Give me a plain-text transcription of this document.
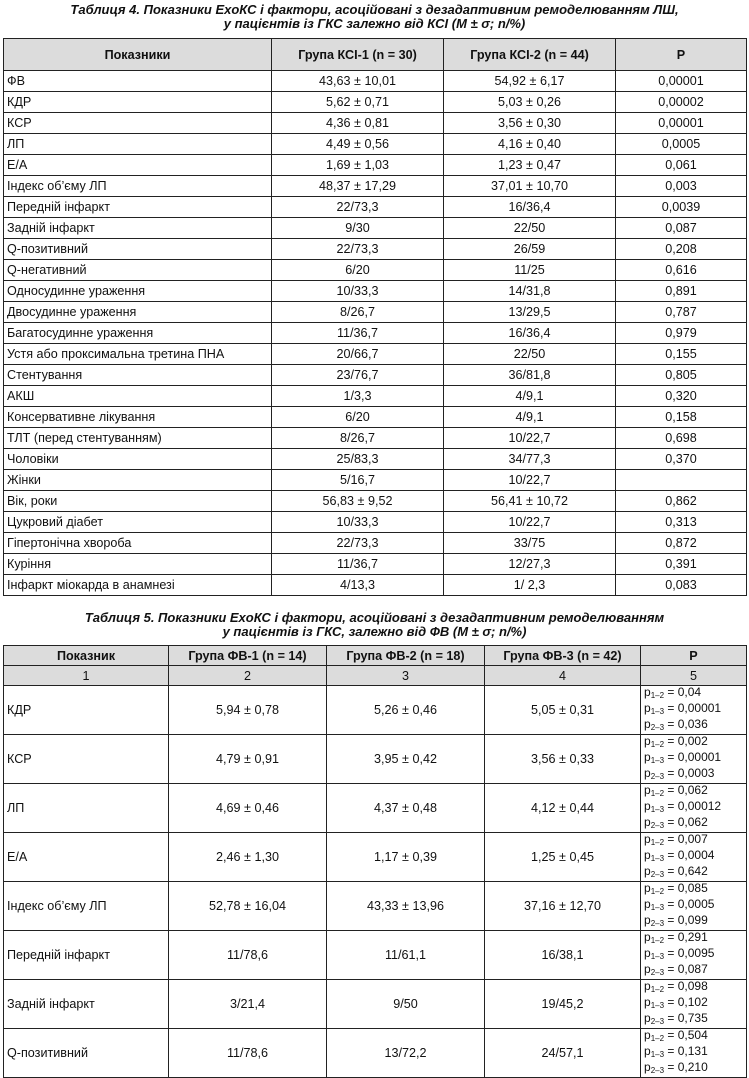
Таблиця 4. Показники ExoКС і фактори, асоційовані з дезадаптивним ремоделюванням ЛШ,
у пацієнтів із ГКС залежно від КСІ (М ± σ; n/%)
Показники	Група КСІ-1 (n = 30)	Група КСІ-2 (n = 44)	Р
ФВ	43,63 ± 10,01	54,92 ± 6,17	0,00001
КДР	5,62 ± 0,71	5,03 ± 0,26	0,00002
КСР	4,36 ± 0,81	3,56 ± 0,30	0,00001
ЛП	4,49 ± 0,56	4,16 ± 0,40	0,0005
Е/А	1,69 ± 1,03	1,23 ± 0,47	0,061
Індекс об’єму ЛП	48,37 ± 17,29	37,01 ± 10,70	0,003
Передній інфаркт	22/73,3	16/36,4	0,0039
Задній інфаркт	9/30	22/50	0,087
Q-позитивний	22/73,3	26/59	0,208
Q-негативний	6/20	11/25	0,616
Односудинне ураження	10/33,3	14/31,8	0,891
Двосудинне ураження	8/26,7	13/29,5	0,787
Багатосудинне ураження	11/36,7	16/36,4	0,979
Устя або проксимальна третина ПНА	20/66,7	22/50	0,155
Стентування	23/76,7	36/81,8	0,805
АКШ	1/3,3	4/9,1	0,320
Консервативне лікування	6/20	4/9,1	0,158
ТЛТ (перед стентуванням)	8/26,7	10/22,7	0,698
Чоловіки	25/83,3	34/77,3	0,370
Жінки	5/16,7	10/22,7	
Вік, роки	56,83 ± 9,52	56,41 ± 10,72	0,862
Цукровий діабет	10/33,3	10/22,7	0,313
Гіпертонічна хвороба	22/73,3	33/75	0,872
Куріння	11/36,7	12/27,3	0,391
Інфаркт міокарда в анамнезі	4/13,3	1/ 2,3	0,083
Таблиця 5. Показники ExoКС і фактори, асоційовані з дезадаптивним ремоделюванням
у пацієнтів із ГКС, залежно від ФВ (М ± σ; n/%)
Показник	Група ФВ-1 (n = 14)	Група ФВ-2 (n = 18)	Група ФВ-3 (n = 42)	Р
1	2	3	4	5
КДР	5,94 ± 0,78	5,26 ± 0,46	5,05 ± 0,31	$p_{1-2} = 0,04$
$p_{1-3} = 0,00001$
$p_{2-3} = 0,036$

КСР	4,79 ± 0,91	3,95 ± 0,42	3,56 ± 0,33	$p_{1-2} = 0,002$
$p_{1-3} = 0,00001$
$p_{2-3} = 0,0003$

ЛП	4,69 ± 0,46	4,37 ± 0,48	4,12 ± 0,44	$p_{1-2} = 0,062$
$p_{1-3} = 0,00012$
$p_{2-3} = 0,062$

Е/А	2,46 ± 1,30	1,17 ± 0,39	1,25 ± 0,45	$p_{1-2} = 0,007$
$p_{1-3} = 0,0004$
$p_{2-3} = 0,642$

Індекс об’єму ЛП	52,78 ± 16,04	43,33 ± 13,96	37,16 ± 12,70	$p_{1-2} = 0,085$
$p_{1-3} = 0,0005$
$p_{2-3} = 0,099$

Передній інфаркт	11/78,6	11/61,1	16/38,1	$p_{1-2} = 0,291$
$p_{1-3} = 0,0095$
$p_{2-3} = 0,087$

Задній інфаркт	3/21,4	9/50	19/45,2	$p_{1-2} = 0,098$
$p_{1-3} = 0,102$
$p_{2-3} = 0,735$

Q-позитивний	11/78,6	13/72,2	24/57,1	$p_{1-2} = 0,504$
$p_{1-3} = 0,131$
$p_{2-3} = 0,210$
